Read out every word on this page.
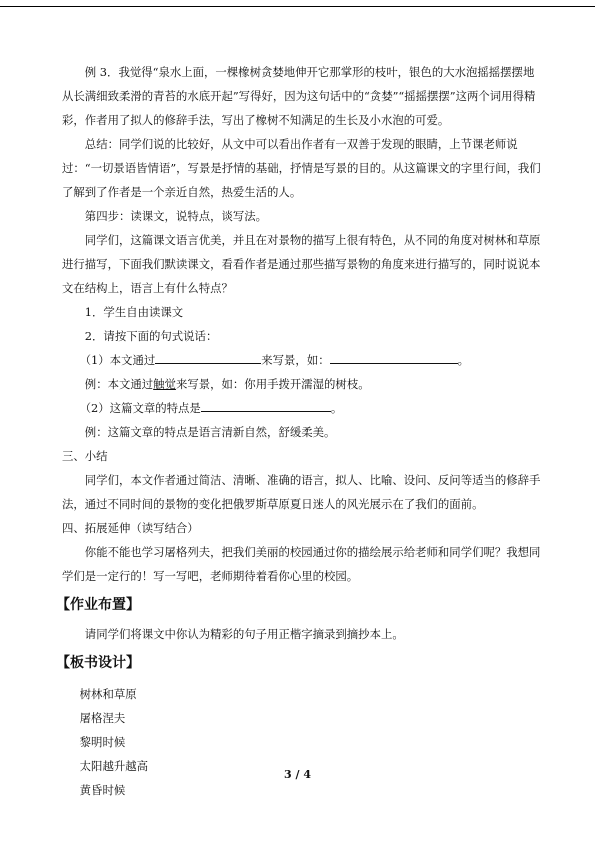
例 3．我觉得“泉水上面，一棵橡树贪婪地伸开它那掌形的枝叶，银色的大水泡摇摇摆摆地从长满细致柔滑的青苔的水底开起”写得好，因为这句话中的“贪婪”“摇摇摆摆”这两个词用得精彩，作者用了拟人的修辞手法，写出了橡树不知满足的生长及小水泡的可爱。

总结：同学们说的比较好，从文中可以看出作者有一双善于发现的眼睛，上节课老师说过：“一切景语皆情语”，写景是抒情的基础，抒情是写景的目的。从这篇课文的字里行间，我们了解到了作者是一个亲近自然，热爱生活的人。

第四步：读课文，说特点，谈写法。

同学们，这篇课文语言优美，并且在对景物的描写上很有特色，从不同的角度对树林和草原进行描写，下面我们默读课文，看看作者是通过那些描写景物的角度来进行描写的，同时说说本文在结构上，语言上有什么特点？

1．学生自由读课文

2．请按下面的句式说话：

（1）本文通过	来写景，如：	。

例：本文通过触觉来写景，如：你用手拨开濡湿的树枝。

（2）这篇文章的特点是	。

例：这篇文章的特点是语言清新自然，舒缓柔美。

三、小结

同学们，本文作者通过简洁、清晰、准确的语言，拟人、比喻、设问、反问等适当的修辞手法，通过不同时间的景物的变化把俄罗斯草原夏日迷人的风光展示在了我们的面前。

四、拓展延伸（读写结合）

你能不能也学习屠格列夫，把我们美丽的校园通过你的描绘展示给老师和同学们呢？我想同学们是一定行的！写一写吧，老师期待着看你心里的校园。

【作业布置】

请同学们将课文中你认为精彩的句子用正楷字摘录到摘抄本上。

【板书设计】

树林和草原

屠格涅夫

黎明时候

太阳越升越高

黄昏时候

3 / 4
